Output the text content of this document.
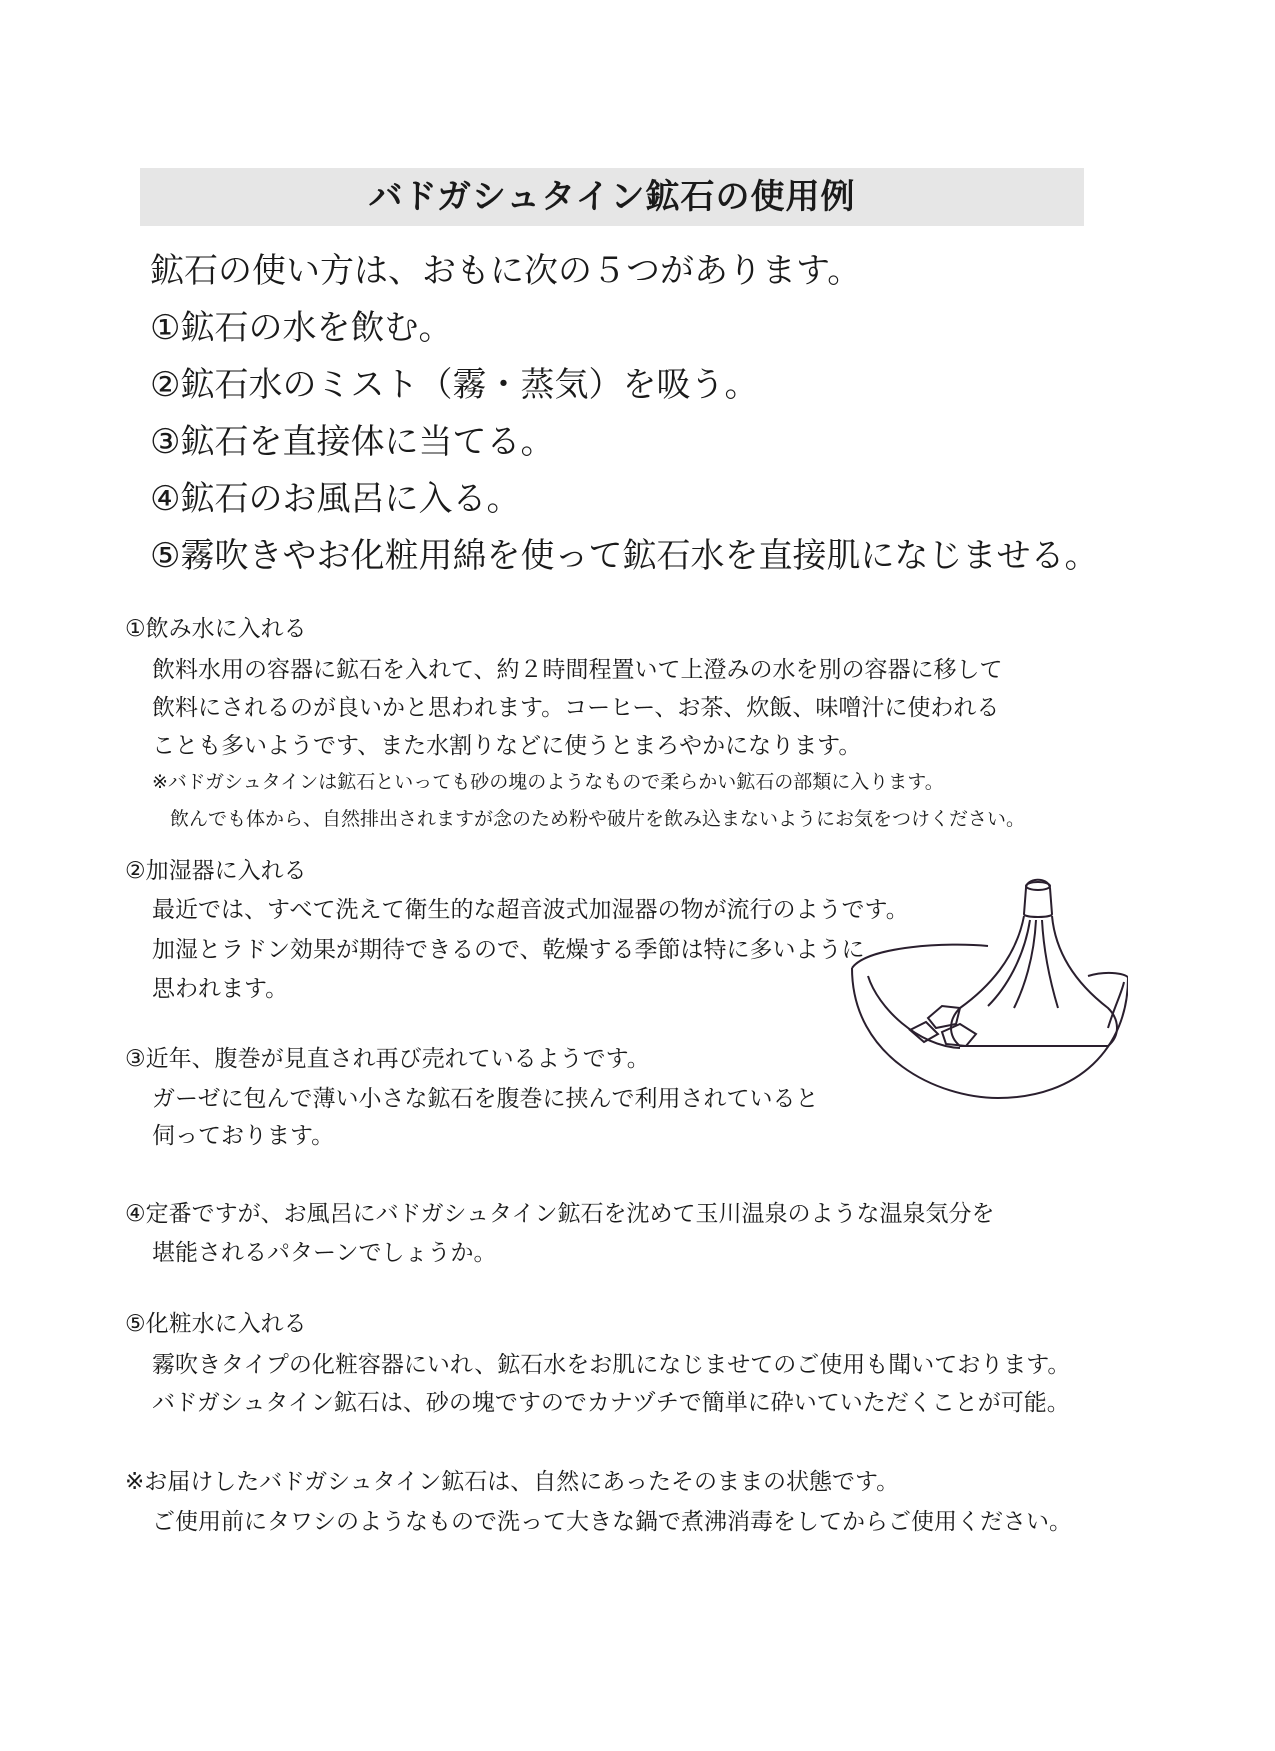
バドガシュタイン鉱石の使用例
鉱石の使い方は、おもに次の５つがあります。
①鉱石の水を飲む。
②鉱石水のミスト（霧・蒸気）を吸う。
③鉱石を直接体に当てる。
④鉱石のお風呂に入る。
⑤霧吹きやお化粧用綿を使って鉱石水を直接肌になじませる。
①飲み水に入れる
飲料水用の容器に鉱石を入れて、約２時間程置いて上澄みの水を別の容器に移して
飲料にされるのが良いかと思われます。コーヒー、お茶、炊飯、味噌汁に使われる
ことも多いようです、また水割りなどに使うとまろやかになります。
※バドガシュタインは鉱石といっても砂の塊のようなもので柔らかい鉱石の部類に入ります。
飲んでも体から、自然排出されますが念のため粉や破片を飲み込まないようにお気をつけください。
②加湿器に入れる
最近では、すべて洗えて衛生的な超音波式加湿器の物が流行のようです。
加湿とラドン効果が期待できるので、乾燥する季節は特に多いように
思われます。
③近年、腹巻が見直され再び売れているようです。
ガーゼに包んで薄い小さな鉱石を腹巻に挟んで利用されていると
伺っております。
④定番ですが、お風呂にバドガシュタイン鉱石を沈めて玉川温泉のような温泉気分を
堪能されるパターンでしょうか。
⑤化粧水に入れる
霧吹きタイプの化粧容器にいれ、鉱石水をお肌になじませてのご使用も聞いております。
バドガシュタイン鉱石は、砂の塊ですのでカナヅチで簡単に砕いていただくことが可能。
※お届けしたバドガシュタイン鉱石は、自然にあったそのままの状態です。
ご使用前にタワシのようなもので洗って大きな鍋で煮沸消毒をしてからご使用ください。
